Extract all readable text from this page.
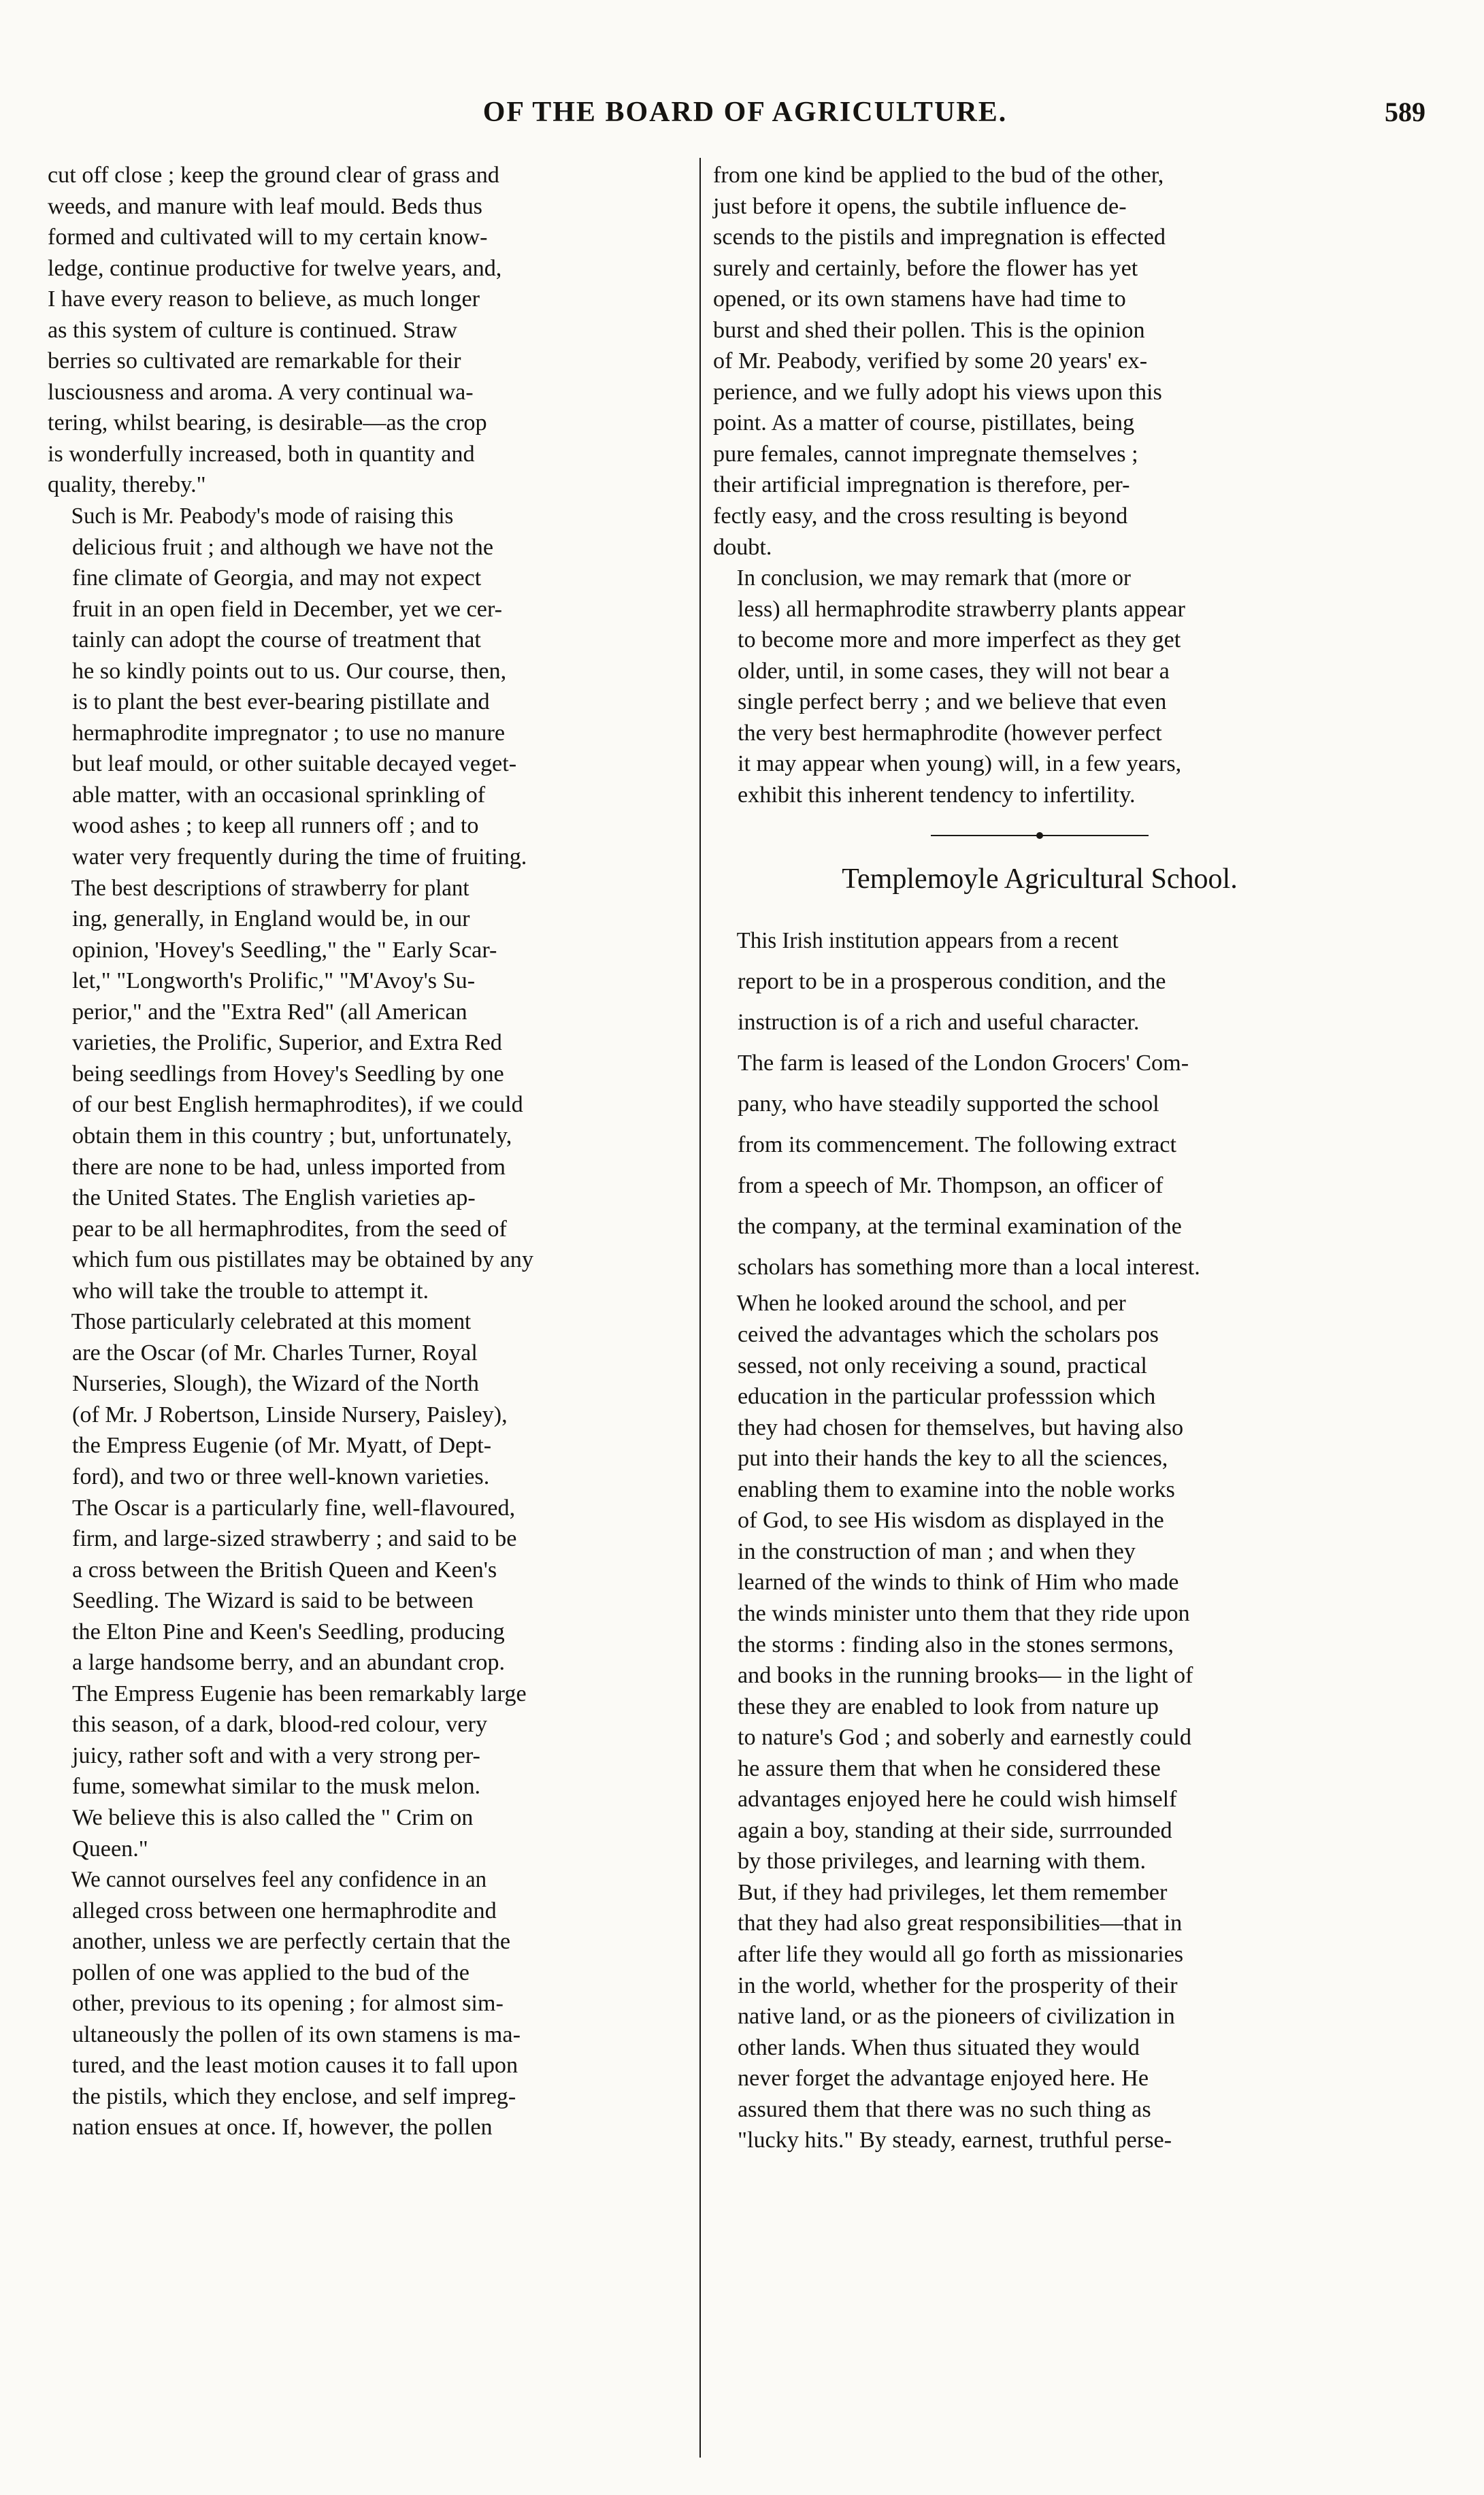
OF THE BOARD OF AGRICULTURE.	589

cut off close ; keep the ground clear of grass and
weeds, and manure with leaf mould. Beds thus
formed and cultivated will to my certain know-
ledge, continue productive for twelve years, and,
I have every reason to believe, as much longer
as this system of culture is continued. Straw
berries so cultivated are remarkable for their
lusciousness and aroma. A very continual wa-
tering, whilst bearing, is desirable—as the crop
is wonderfully increased, both in quantity and
quality, thereby."

Such is Mr. Peabody's mode of raising this
delicious fruit ; and although we have not the
fine climate of Georgia, and may not expect
fruit in an open field in December, yet we cer-
tainly can adopt the course of treatment that
he so kindly points out to us. Our course, then,
is to plant the best ever-bearing pistillate and
hermaphrodite impregnator ; to use no manure
but leaf mould, or other suitable decayed veget-
able matter, with an occasional sprinkling of
wood ashes ; to keep all runners off ; and to
water very frequently during the time of fruiting.

The best descriptions of strawberry for plant
ing, generally, in England would be, in our
opinion, 'Hovey's Seedling," the " Early Scar-
let," "Longworth's Prolific," "M'Avoy's Su-
perior," and the "Extra Red" (all American
varieties, the Prolific, Superior, and Extra Red
being seedlings from Hovey's Seedling by one
of our best English hermaphrodites), if we could
obtain them in this country ; but, unfortunately,
there are none to be had, unless imported from
the United States. The English varieties ap-
pear to be all hermaphrodites, from the seed of
which fum ous pistillates may be obtained by any
who will take the trouble to attempt it.

Those particularly celebrated at this moment
are the Oscar (of Mr. Charles Turner, Royal
Nurseries, Slough), the Wizard of the North
(of Mr. J Robertson, Linside Nursery, Paisley),
the Empress Eugenie (of Mr. Myatt, of Dept-
ford), and two or three well-known varieties.
The Oscar is a particularly fine, well-flavoured,
firm, and large-sized strawberry ; and said to be
a cross between the British Queen and Keen's
Seedling. The Wizard is said to be between
the Elton Pine and Keen's Seedling, producing
a large handsome berry, and an abundant crop.
The Empress Eugenie has been remarkably large
this season, of a dark, blood-red colour, very
juicy, rather soft and with a very strong per-
fume, somewhat similar to the musk melon.
We believe this is also called the " Crim on
Queen."

We cannot ourselves feel any confidence in an
alleged cross between one hermaphrodite and
another, unless we are perfectly certain that the
pollen of one was applied to the bud of the
other, previous to its opening ; for almost sim-
ultaneously the pollen of its own stamens is ma-
tured, and the least motion causes it to fall upon
the pistils, which they enclose, and self impreg-
nation ensues at once. If, however, the pollen

from one kind be applied to the bud of the other,
just before it opens, the subtile influence de-
scends to the pistils and impregnation is effected
surely and certainly, before the flower has yet
opened, or its own stamens have had time to
burst and shed their pollen. This is the opinion
of Mr. Peabody, verified by some 20 years' ex-
perience, and we fully adopt his views upon this
point. As a matter of course, pistillates, being
pure females, cannot impregnate themselves ;
their artificial impregnation is therefore, per-
fectly easy, and the cross resulting is beyond
doubt.

In conclusion, we may remark that (more or
less) all hermaphrodite strawberry plants appear
to become more and more imperfect as they get
older, until, in some cases, they will not bear a
single perfect berry ; and we believe that even
the very best hermaphrodite (however perfect
it may appear when young) will, in a few years,
exhibit this inherent tendency to infertility.

Templemoyle Agricultural School.

This Irish institution appears from a recent
report to be in a prosperous condition, and the
instruction is of a rich and useful character.
The farm is leased of the London Grocers' Com-
pany, who have steadily supported the school
from its commencement. The following extract
from a speech of Mr. Thompson, an officer of
the company, at the terminal examination of the
scholars has something more than a local interest.

When he looked around the school, and per
ceived the advantages which the scholars pos
sessed, not only receiving a sound, practical
education in the particular professsion which
they had chosen for themselves, but having also
put into their hands the key to all the sciences,
enabling them to examine into the noble works
of God, to see His wisdom as displayed in the
in the construction of man ; and when they
learned of the winds to think of Him who made
the winds minister unto them that they ride upon
the storms : finding also in the stones sermons,
and books in the running brooks— in the light of
these they are enabled to look from nature up
to nature's God ; and soberly and earnestly could
he assure them that when he considered these
advantages enjoyed here he could wish himself
again a boy, standing at their side, surrrounded
by those privileges, and learning with them.
But, if they had privileges, let them remember
that they had also great responsibilities—that in
after life they would all go forth as missionaries
in the world, whether for the prosperity of their
native land, or as the pioneers of civilization in
other lands. When thus situated they would
never forget the advantage enjoyed here. He
assured them that there was no such thing as
"lucky hits." By steady, earnest, truthful perse-
